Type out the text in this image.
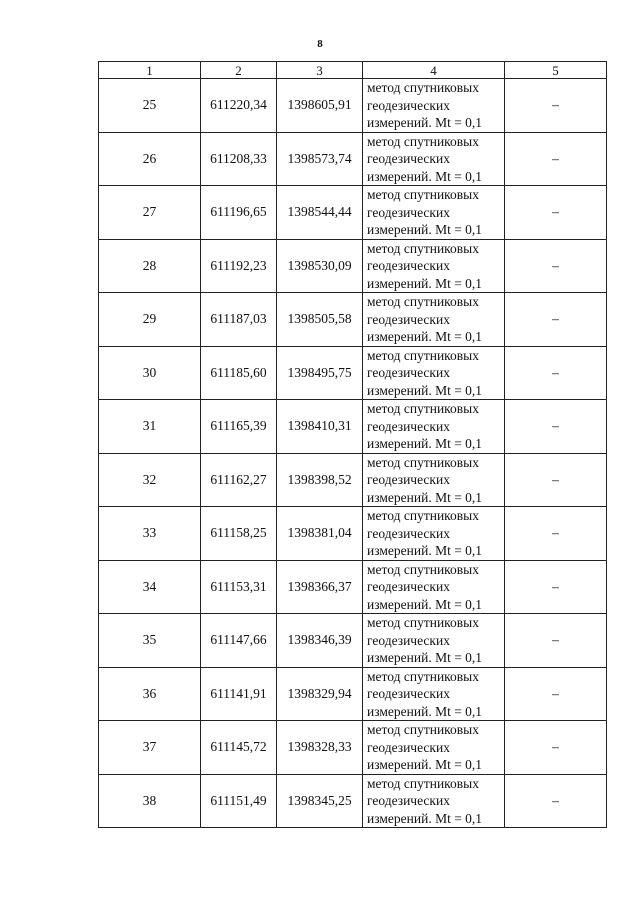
8
1	2	3	4	5
25	611220,34	1398605,91	метод спутниковых
геодезических
измерений. Mt = 0,1	–
26	611208,33	1398573,74	метод спутниковых
геодезических
измерений. Mt = 0,1	–
27	611196,65	1398544,44	метод спутниковых
геодезических
измерений. Mt = 0,1	–
28	611192,23	1398530,09	метод спутниковых
геодезических
измерений. Mt = 0,1	–
29	611187,03	1398505,58	метод спутниковых
геодезических
измерений. Mt = 0,1	–
30	611185,60	1398495,75	метод спутниковых
геодезических
измерений. Mt = 0,1	–
31	611165,39	1398410,31	метод спутниковых
геодезических
измерений. Mt = 0,1	–
32	611162,27	1398398,52	метод спутниковых
геодезических
измерений. Mt = 0,1	–
33	611158,25	1398381,04	метод спутниковых
геодезических
измерений. Mt = 0,1	–
34	611153,31	1398366,37	метод спутниковых
геодезических
измерений. Mt = 0,1	–
35	611147,66	1398346,39	метод спутниковых
геодезических
измерений. Mt = 0,1	–
36	611141,91	1398329,94	метод спутниковых
геодезических
измерений. Mt = 0,1	–
37	611145,72	1398328,33	метод спутниковых
геодезических
измерений. Mt = 0,1	–
38	611151,49	1398345,25	метод спутниковых
геодезических
измерений. Mt = 0,1	–
